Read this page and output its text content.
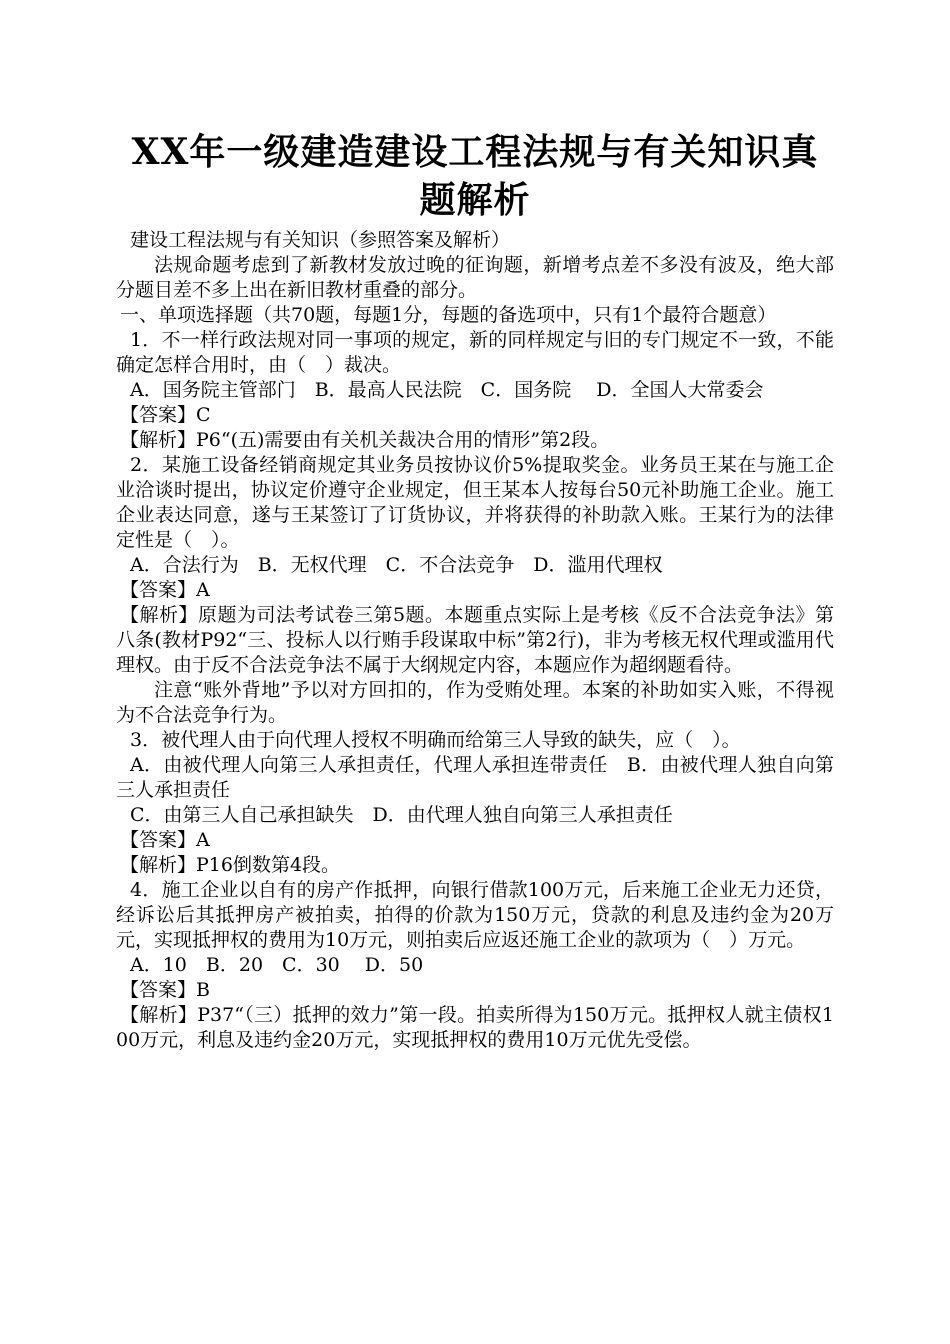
XX年一级建造建设工程法规与有关知识真题解析

建设工程法规与有关知识（参照答案及解析）

法规命题考虑到了新教材发放过晚的征询题，新增考点差不多没有波及，绝大部分题目差不多上出在新旧教材重叠的部分。

一、单项选择题（共70题，每题1分，每题的备选项中，只有1个最符合题意）

1．不一样行政法规对同一事项的规定，新的同样规定与旧的专门规定不一致，不能确定怎样合用时，由（　）裁决。

A．国务院主管部门　B．最高人民法院　C．国务院　 D．全国人大常委会

【答案】C

【解析】P6“(五)需要由有关机关裁决合用的情形”第2段。

2．某施工设备经销商规定其业务员按协议价5%提取奖金。业务员王某在与施工企业洽谈时提出，协议定价遵守企业规定，但王某本人按每台50元补助施工企业。施工企业表达同意，遂与王某签订了订货协议，并将获得的补助款入账。王某行为的法律定性是（　）。

A．合法行为　B．无权代理　C．不合法竞争　D．滥用代理权

【答案】A

【解析】原题为司法考试卷三第5题。本题重点实际上是考核《反不合法竞争法》第八条(教材P92“三、投标人以行贿手段谋取中标”第2行)，非为考核无权代理或滥用代理权。由于反不合法竞争法不属于大纲规定内容，本题应作为超纲题看待。

注意“账外背地”予以对方回扣的，作为受贿处理。本案的补助如实入账，不得视为不合法竞争行为。

3．被代理人由于向代理人授权不明确而给第三人导致的缺失，应（　）。

A．由被代理人向第三人承担责任，代理人承担连带责任　B．由被代理人独自向第三人承担责任

C．由第三人自己承担缺失　D．由代理人独自向第三人承担责任

【答案】A

【解析】P16倒数第4段。

4．施工企业以自有的房产作抵押，向银行借款100万元，后来施工企业无力还贷，经诉讼后其抵押房产被拍卖，拍得的价款为150万元，贷款的利息及违约金为20万元，实现抵押权的费用为10万元，则拍卖后应返还施工企业的款项为（　）万元。

A．10　B．20　C．30　 D．50

【答案】B

【解析】P37“（三）抵押的效力”第一段。拍卖所得为150万元。抵押权人就主债权100万元，利息及违约金20万元，实现抵押权的费用10万元优先受偿。
